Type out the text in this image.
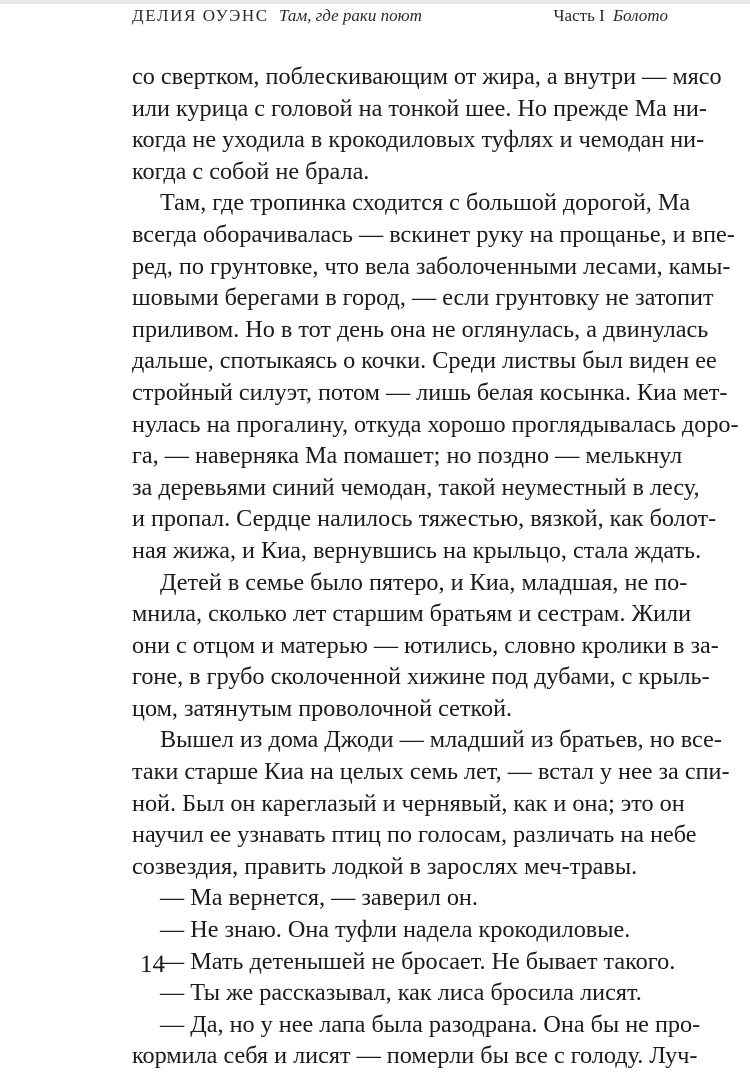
ДЕЛИЯ ОУЭНС Там, где раки поют	Часть I Болото

со свертком, поблескивающим от жира, а внутри — мясо
или курица с головой на тонкой шее. Но прежде Ма ни-
когда не уходила в крокодиловых туфлях и чемодан ни-
когда с собой не брала.

Там, где тропинка сходится с большой дорогой, Ма
всегда оборачивалась — вскинет руку на прощанье, и впе-
ред, по грунтовке, что вела заболоченными лесами, камы-
шовыми берегами в город, — если грунтовку не затопит
приливом. Но в тот день она не оглянулась, а двинулась
дальше, спотыкаясь о кочки. Среди листвы был виден ее
стройный силуэт, потом — лишь белая косынка. Киа мет-
нулась на прогалину, откуда хорошо проглядывалась доро-
га, — наверняка Ма помашет; но поздно — мелькнул
за деревьями синий чемодан, такой неуместный в лесу,
и пропал. Сердце налилось тяжестью, вязкой, как болот-
ная жижа, и Киа, вернувшись на крыльцо, стала ждать.

Детей в семье было пятеро, и Киа, младшая, не по-
мнила, сколько лет старшим братьям и сестрам. Жили
они с отцом и матерью — ютились, словно кролики в за-
гоне, в грубо сколоченной хижине под дубами, с крыль-
цом, затянутым проволочной сеткой.

Вышел из дома Джоди — младший из братьев, но все-
таки старше Киа на целых семь лет, — встал у нее за спи-
ной. Был он кареглазый и чернявый, как и она; это он
научил ее узнавать птиц по голосам, различать на небе
созвездия, править лодкой в зарослях меч-травы.

— Ма вернется, — заверил он.

— Не знаю. Она туфли надела крокодиловые.

— Мать детенышей не бросает. Не бывает такого.

— Ты же рассказывал, как лиса бросила лисят.

— Да, но у нее лапа была разодрана. Она бы не про-
кормила себя и лисят — померли бы все с голоду. Луч-

14
